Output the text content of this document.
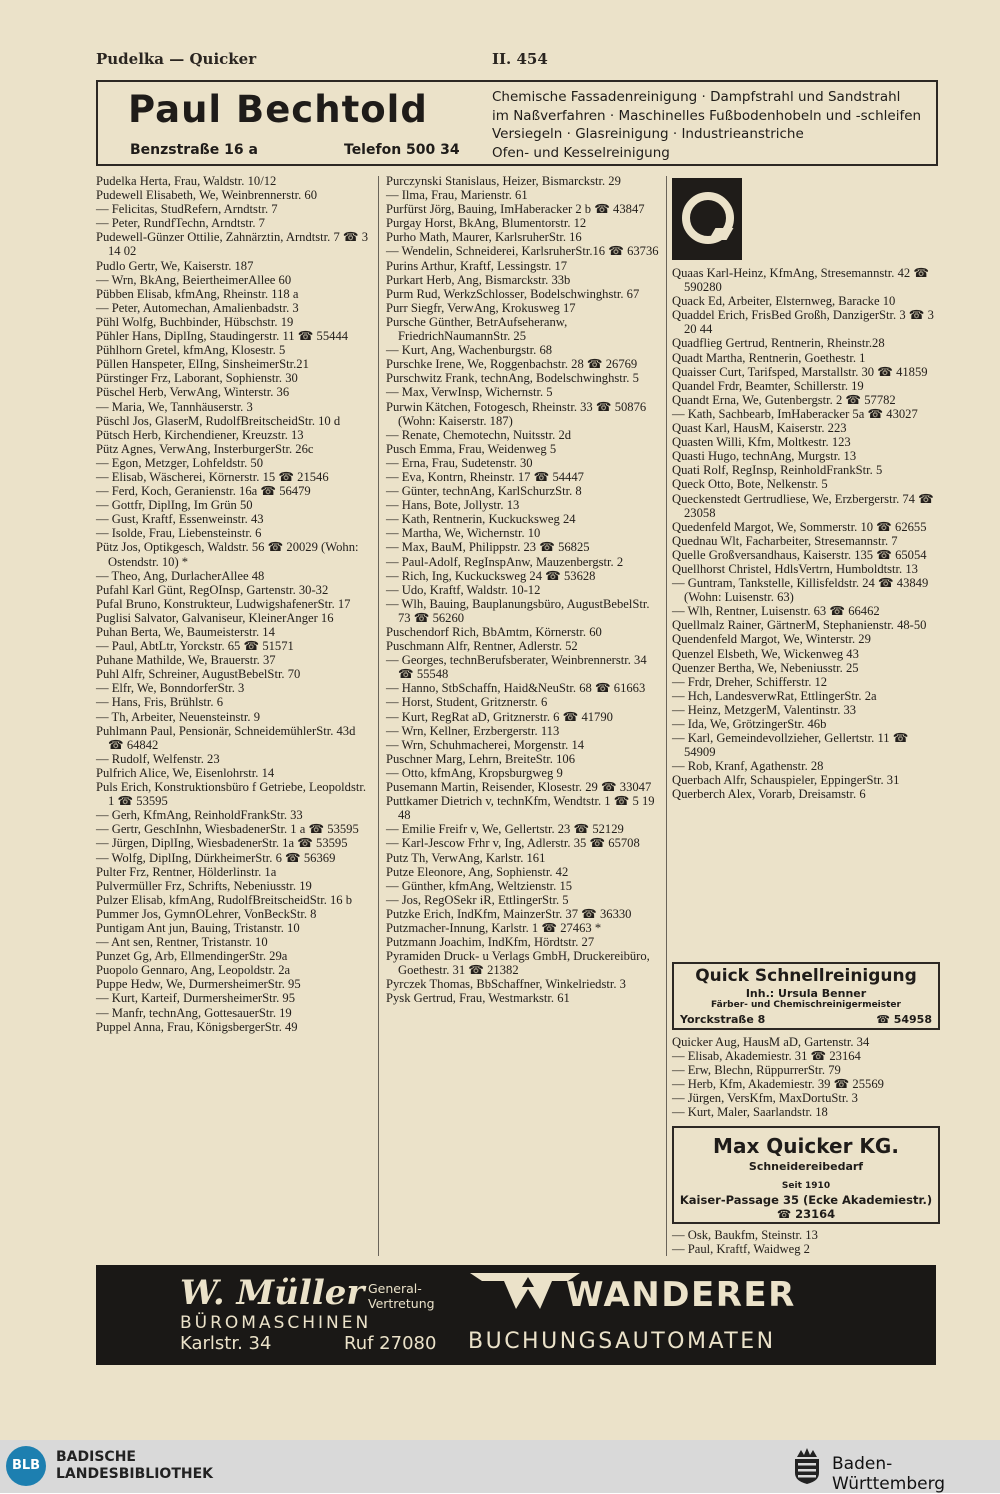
Pudelka — Quicker	II. 454
Paul Bechtold
Benzstraße 16 a	Telefon 500 34
Chemische Fassadenreinigung · Dampfstrahl und Sandstrahl
im Naßverfahren · Maschinelles Fußbodenhobeln und -schleifen
Versiegeln · Glasreinigung · Industrieanstriche
Ofen- und Kesselreinigung
Pudelka Herta, Frau, Waldstr. 10/12
Pudewell Elisabeth, We, Weinbrennerstr. 60
— Felicitas, StudRefern, Arndtstr. 7
— Peter, RundfTechn, Arndtstr. 7
Pudewell-Günzer Ottilie, Zahnärztin, Arndtstr. 7 ☎ 3 14 02
Pudlo Gertr, We, Kaiserstr. 187
— Wrn, BkAng, BeiertheimerAllee 60
Pübben Elisab, kfmAng, Rheinstr. 118 a
— Peter, Automechan, Amalienbadstr. 3
Pühl Wolfg, Buchbinder, Hübschstr. 19
Pühler Hans, DiplIng, Staudingerstr. 11 ☎ 55444
Pühlhorn Gretel, kfmAng, Klosestr. 5
Püllen Hanspeter, ElIng, SinsheimerStr.21
Pürstinger Frz, Laborant, Sophienstr. 30
Püschel Herb, VerwAng, Winterstr. 36
— Maria, We, Tannhäuserstr. 3
Püschl Jos, GlaserM, RudolfBreitscheidStr. 10 d
Pütsch Herb, Kirchendiener, Kreuzstr. 13
Pütz Agnes, VerwAng, InsterburgerStr. 26c
— Egon, Metzger, Lohfeldstr. 50
— Elisab, Wäscherei, Körnerstr. 15 ☎ 21546
— Ferd, Koch, Geranienstr. 16a ☎ 56479
— Gottfr, DiplIng, Im Grün 50
— Gust, Kraftf, Essenweinstr. 43
— Isolde, Frau, Liebensteinstr. 6
Pütz Jos, Optikgesch, Waldstr. 56 ☎ 20029 (Wohn: Ostendstr. 10) *
— Theo, Ang, DurlacherAllee 48
Pufahl Karl Günt, RegOInsp, Gartenstr. 30-32
Pufal Bruno, Konstrukteur, LudwigshafenerStr. 17
Puglisi Salvator, Galvaniseur, KleinerAnger 16
Puhan Berta, We, Baumeisterstr. 14
— Paul, AbtLtr, Yorckstr. 65 ☎ 51571
Puhane Mathilde, We, Brauerstr. 37
Puhl Alfr, Schreiner, AugustBebelStr. 70
— Elfr, We, BonndorferStr. 3
— Hans, Fris, Brühlstr. 6
— Th, Arbeiter, Neuensteinstr. 9
Puhlmann Paul, Pensionär, SchneidemühlerStr. 43d ☎ 64842
— Rudolf, Welfenstr. 23
Pulfrich Alice, We, Eisenlohrstr. 14
Puls Erich, Konstruktionsbüro f Getriebe, Leopoldstr. 1 ☎ 53595
— Gerh, KfmAng, ReinholdFrankStr. 33
— Gertr, GeschInhn, WiesbadenerStr. 1 a ☎ 53595
— Jürgen, DiplIng, WiesbadenerStr. 1a ☎ 53595
— Wolfg, DiplIng, DürkheimerStr. 6 ☎ 56369
Pulter Frz, Rentner, Hölderlinstr. 1a
Pulvermüller Frz, Schrifts, Nebeniusstr. 19
Pulzer Elisab, kfmAng, RudolfBreitscheidStr. 16 b
Pummer Jos, GymnOLehrer, VonBeckStr. 8
Puntigam Ant jun, Bauing, Tristanstr. 10
— Ant sen, Rentner, Tristanstr. 10
Punzet Gg, Arb, EllmendingerStr. 29a
Puopolo Gennaro, Ang, Leopoldstr. 2a
Puppe Hedw, We, DurmersheimerStr. 95
— Kurt, Karteif, DurmersheimerStr. 95
— Manfr, technAng, GottesauerStr. 19
Puppel Anna, Frau, KönigsbergerStr. 49
Purczynski Stanislaus, Heizer, Bismarckstr. 29
— Ilma, Frau, Marienstr. 61
Purfürst Jörg, Bauing, ImHaberacker 2 b ☎ 43847
Purgay Horst, BkAng, Blumentorstr. 12
Purho Math, Maurer, KarlsruherStr. 16
— Wendelin, Schneiderei, KarlsruherStr.16 ☎ 63736
Purins Arthur, Kraftf, Lessingstr. 17
Purkart Herb, Ang, Bismarckstr. 33b
Purm Rud, WerkzSchlosser, Bodelschwinghstr. 67
Purr Siegfr, VerwAng, Krokusweg 17
Pursche Günther, BetrAufseheranw, FriedrichNaumannStr. 25
— Kurt, Ang, Wachenburgstr. 68
Purschke Irene, We, Roggenbachstr. 28 ☎ 26769
Purschwitz Frank, technAng, Bodelschwinghstr. 5
— Max, VerwInsp, Wichernstr. 5
Purwin Kätchen, Fotogesch, Rheinstr. 33 ☎ 50876 (Wohn: Kaiserstr. 187)
— Renate, Chemotechn, Nuitsstr. 2d
Pusch Emma, Frau, Weidenweg 5
— Erna, Frau, Sudetenstr. 30
— Eva, Kontrn, Rheinstr. 17 ☎ 54447
— Günter, technAng, KarlSchurzStr. 8
— Hans, Bote, Jollystr. 13
— Kath, Rentnerin, Kuckucksweg 24
— Martha, We, Wichernstr. 10
— Max, BauM, Philippstr. 23 ☎ 56825
— Paul-Adolf, RegInspAnw, Mauzenbergstr. 2
— Rich, Ing, Kuckucksweg 24 ☎ 53628
— Udo, Kraftf, Waldstr. 10-12
— Wlh, Bauing, Bauplanungsbüro, AugustBebelStr. 73 ☎ 56260
Puschendorf Rich, BbAmtm, Körnerstr. 60
Puschmann Alfr, Rentner, Adlerstr. 52
— Georges, technBerufsberater, Weinbrennerstr. 34 ☎ 55548
— Hanno, StbSchaffn, Haid&NeuStr. 68 ☎ 61663
— Horst, Student, Gritznerstr. 6
— Kurt, RegRat aD, Gritznerstr. 6 ☎ 41790
— Wrn, Kellner, Erzbergerstr. 113
— Wrn, Schuhmacherei, Morgenstr. 14
Puschner Marg, Lehrn, BreiteStr. 106
— Otto, kfmAng, Kropsburgweg 9
Pusemann Martin, Reisender, Klosestr. 29 ☎ 33047
Puttkamer Dietrich v, technKfm, Wendtstr. 1 ☎ 5 19 48
— Emilie Freifr v, We, Gellertstr. 23 ☎ 52129
— Karl-Jescow Frhr v, Ing, Adlerstr. 35 ☎ 65708
Putz Th, VerwAng, Karlstr. 161
Putze Eleonore, Ang, Sophienstr. 42
— Günther, kfmAng, Weltzienstr. 15
— Jos, RegOSekr iR, EttlingerStr. 5
Putzke Erich, IndKfm, MainzerStr. 37 ☎ 36330
Putzmacher-Innung, Karlstr. 1 ☎ 27463 *
Putzmann Joachim, IndKfm, Hördtstr. 27
Pyramiden Druck- u Verlags GmbH, Druckereibüro, Goethestr. 31 ☎ 21382
Pyrczek Thomas, BbSchaffner, Winkelriedstr. 3
Pysk Gertrud, Frau, Westmarkstr. 61
Quaas Karl-Heinz, KfmAng, Stresemannstr. 42 ☎ 590280
Quack Ed, Arbeiter, Elsternweg, Baracke 10
Quaddel Erich, FrisBed Großh, DanzigerStr. 3 ☎ 3 20 44
Quadflieg Gertrud, Rentnerin, Rheinstr.28
Quadt Martha, Rentnerin, Goethestr. 1
Quaisser Curt, Tarifsped, Marstallstr. 30 ☎ 41859
Quandel Frdr, Beamter, Schillerstr. 19
Quandt Erna, We, Gutenbergstr. 2 ☎ 57782
— Kath, Sachbearb, ImHaberacker 5a ☎ 43027
Quast Karl, HausM, Kaiserstr. 223
Quasten Willi, Kfm, Moltkestr. 123
Quasti Hugo, technAng, Murgstr. 13
Quati Rolf, RegInsp, ReinholdFrankStr. 5
Queck Otto, Bote, Nelkenstr. 5
Queckenstedt Gertrudliese, We, Erzbergerstr. 74 ☎ 23058
Quedenfeld Margot, We, Sommerstr. 10 ☎ 62655
Quednau Wlt, Facharbeiter, Stresemannstr. 7
Quelle Großversandhaus, Kaiserstr. 135 ☎ 65054
Quellhorst Christel, HdlsVertrn, Humboldtstr. 13
— Guntram, Tankstelle, Killisfeldstr. 24 ☎ 43849 (Wohn: Luisenstr. 63)
— Wlh, Rentner, Luisenstr. 63 ☎ 66462
Quellmalz Rainer, GärtnerM, Stephanienstr. 48-50
Quendenfeld Margot, We, Winterstr. 29
Quenzel Elsbeth, We, Wickenweg 43
Quenzer Bertha, We, Nebeniusstr. 25
— Frdr, Dreher, Schifferstr. 12
— Hch, LandesverwRat, EttlingerStr. 2a
— Heinz, MetzgerM, Valentinstr. 33
— Ida, We, GrötzingerStr. 46b
— Karl, Gemeindevollzieher, Gellertstr. 11 ☎ 54909
— Rob, Kranf, Agathenstr. 28
Querbach Alfr, Schauspieler, EppingerStr. 31
Querberch Alex, Vorarb, Dreisamstr. 6
Quick Schnellreinigung
Inh.: Ursula Benner
Färber- und Chemischreinigermeister
Yorckstraße 8	☎ 54958
Quicker Aug, HausM aD, Gartenstr. 34
— Elisab, Akademiestr. 31 ☎ 23164
— Erw, Blechn, RüppurrerStr. 79
— Herb, Kfm, Akademiestr. 39 ☎ 25569
— Jürgen, VersKfm, MaxDortuStr. 3
— Kurt, Maler, Saarlandstr. 18
Max Quicker KG.
Schneidereibedarf
Seit 1910
Kaiser-Passage 35 (Ecke Akademiestr.) ☎ 23164
— Osk, Baukfm, Steinstr. 13
— Paul, Kraftf, Waidweg 2
W. Müller General-
Vertretung	WANDERER
BÜROMASCHINEN
Karlstr. 34	Ruf 27080 BUCHUNGSAUTOMATEN
BLB
BADISCHE
LANDESBIBLIOTHEK	Baden-Württemberg
